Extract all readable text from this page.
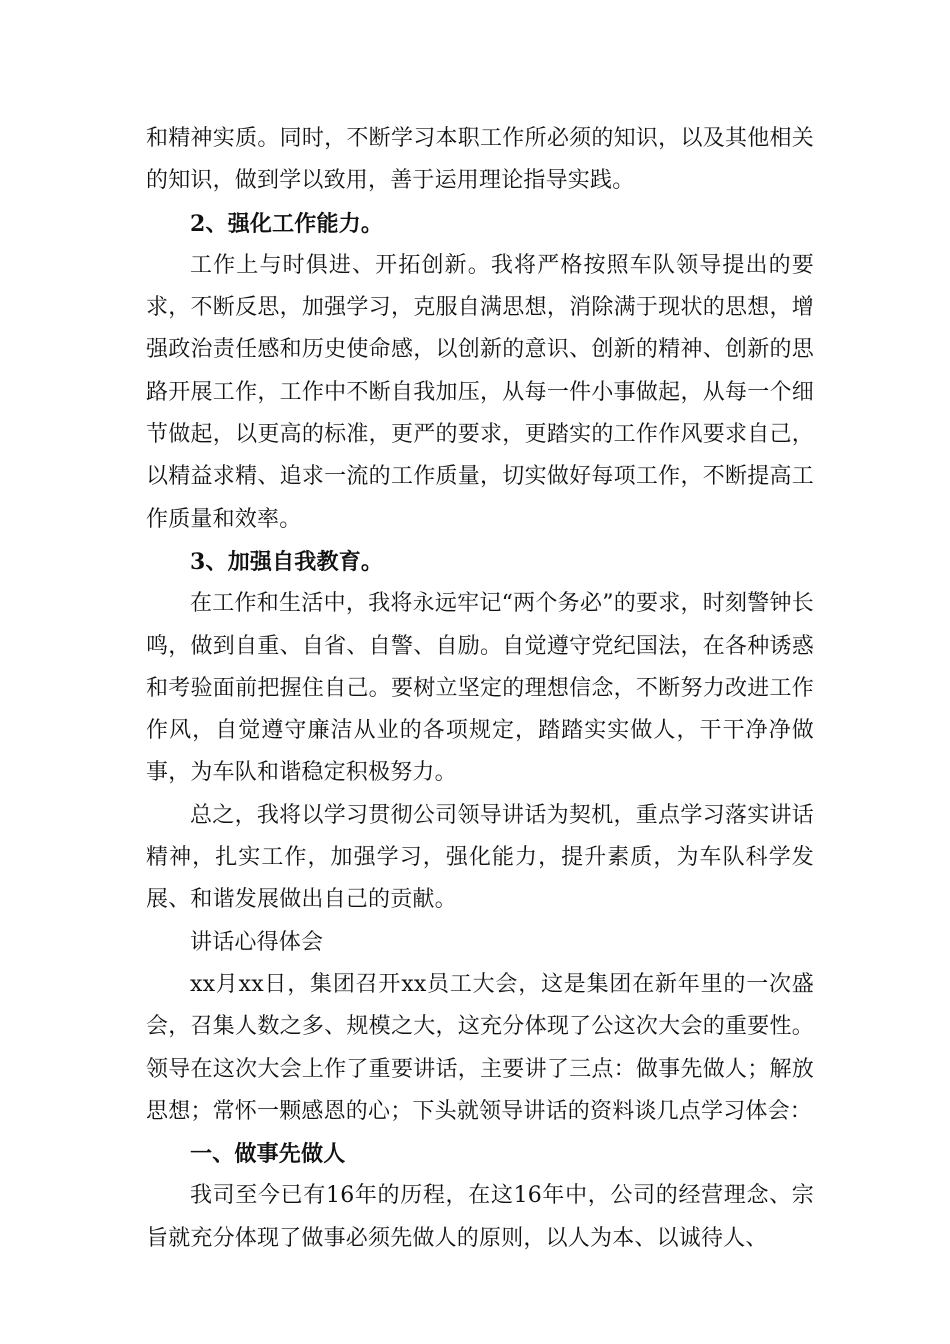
和精神实质。同时，不断学习本职工作所必须的知识，以及其他相关的知识，做到学以致用，善于运用理论指导实践。

2、强化工作能力。

工作上与时俱进、开拓创新。我将严格按照车队领导提出的要求，不断反思，加强学习，克服自满思想，消除满于现状的思想，增强政治责任感和历史使命感，以创新的意识、创新的精神、创新的思路开展工作，工作中不断自我加压，从每一件小事做起，从每一个细节做起，以更高的标准，更严的要求，更踏实的工作作风要求自己，以精益求精、追求一流的工作质量，切实做好每项工作，不断提高工作质量和效率。

3、加强自我教育。

在工作和生活中，我将永远牢记“两个务必”的要求，时刻警钟长鸣，做到自重、自省、自警、自励。自觉遵守党纪国法，在各种诱惑和考验面前把握住自己。要树立坚定的理想信念，不断努力改进工作作风，自觉遵守廉洁从业的各项规定，踏踏实实做人，干干净净做事，为车队和谐稳定积极努力。

总之，我将以学习贯彻公司领导讲话为契机，重点学习落实讲话精神，扎实工作，加强学习，强化能力，提升素质，为车队科学发展、和谐发展做出自己的贡献。

讲话心得体会

xx月xx日，集团召开xx员工大会，这是集团在新年里的一次盛会，召集人数之多、规模之大，这充分体现了公这次大会的重要性。领导在这次大会上作了重要讲话，主要讲了三点：做事先做人；解放思想；常怀一颗感恩的心；下头就领导讲话的资料谈几点学习体会：

一、做事先做人

我司至今已有16年的历程，在这16年中，公司的经营理念、宗旨就充分体现了做事必须先做人的原则，以人为本、以诚待人、
